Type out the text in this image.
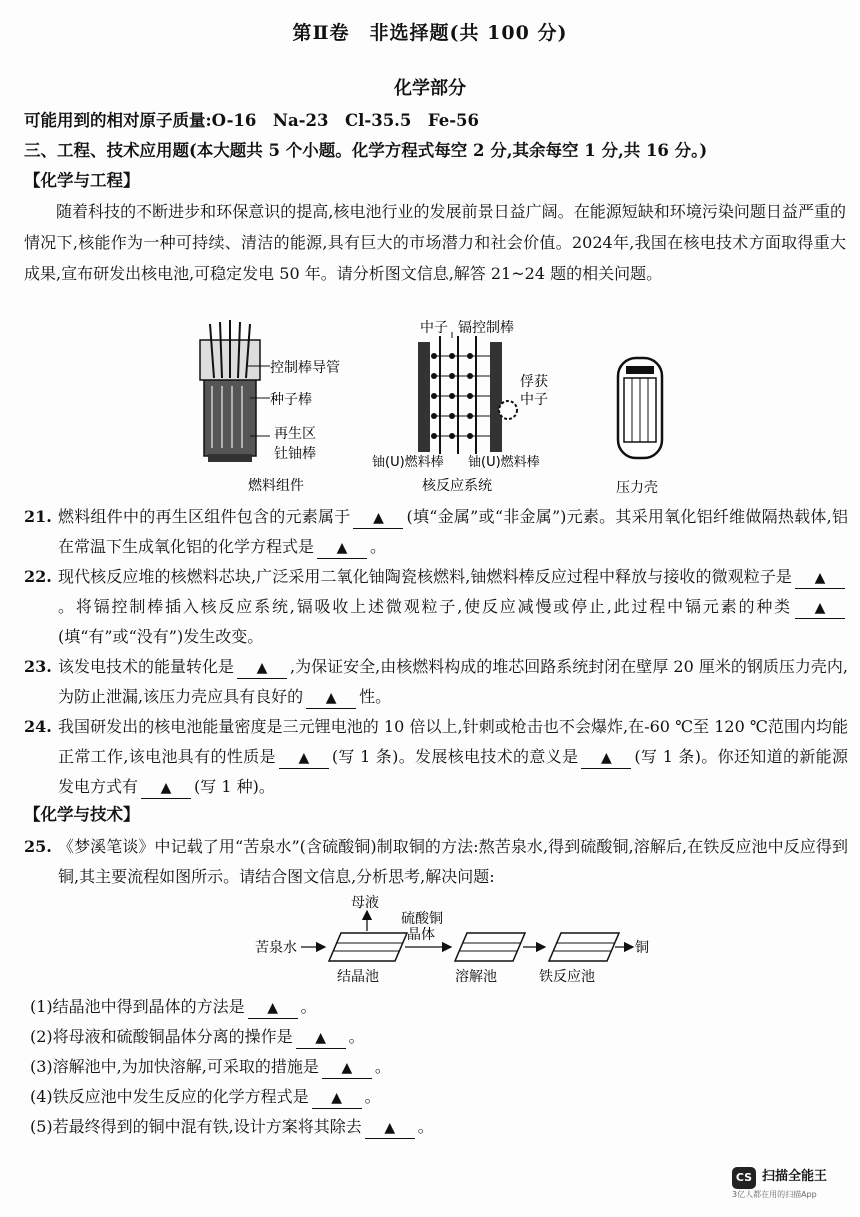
第Ⅱ卷　非选择题(共 100 分)
化学部分
可能用到的相对原子质量:O-16　Na-23　Cl-35.5　Fe-56
三、工程、技术应用题(本大题共 5 个小题。化学方程式每空 2 分,其余每空 1 分,共 16 分。)
【化学与工程】
随着科技的不断进步和环保意识的提高,核电池行业的发展前景日益广阔。在能源短缺和环境污染问题日益严重的情况下,核能作为一种可持续、清洁的能源,具有巨大的市场潜力和社会价值。2024年,我国在核电技术方面取得重大成果,宣布研发出核电池,可稳定发电 50 年。请分析图文信息,解答 21~24 题的相关问题。
控制棒导管
种子棒
再生区
钍铀棒
燃料组件
中子 镉控制棒
俘获
中子
铀(U)燃料棒 铀(U)燃料棒
核反应系统	压力壳
21. 燃料组件中的再生区组件包含的元素属于 ▲ (填“金属”或“非金属”)元素。其采用氧化铝纤维做隔热载体,铝在常温下生成氧化铝的化学方程式是 ▲ 。
22. 现代核反应堆的核燃料芯块,广泛采用二氧化铀陶瓷核燃料,铀燃料棒反应过程中释放与接收的微观粒子是 ▲。将镉控制棒插入核反应系统,镉吸收上述微观粒子,使反应减慢或停止,此过程中镉元素的种类 ▲(填“有”或“没有”)发生改变。
23. 该发电技术的能量转化是 ▲ ,为保证安全,由核燃料构成的堆芯回路系统封闭在壁厚 20 厘米的钢质压力壳内,为防止泄漏,该压力壳应具有良好的 ▲ 性。
24. 我国研发出的核电池能量密度是三元锂电池的 10 倍以上,针刺或枪击也不会爆炸,在-60 ℃至 120 ℃范围内均能正常工作,该电池具有的性质是 ▲ (写 1 条)。发展核电技术的意义是 ▲ (写 1 条)。你还知道的新能源发电方式有 ▲ (写 1 种)。
【化学与技术】
25. 《梦溪笔谈》中记载了用“苦泉水”(含硫酸铜)制取铜的方法:熬苦泉水,得到硫酸铜,溶解后,在铁反应池中反应得到铜,其主要流程如图所示。请结合图文信息,分析思考,解决问题:
苦泉水
母液
硫酸铜
晶体
结晶池	溶解池
铜
铁反应池
(1)结晶池中得到晶体的方法是 ▲ 。
(2)将母液和硫酸铜晶体分离的操作是 ▲ 。
(3)溶解池中,为加快溶解,可采取的措施是 ▲ 。
(4)铁反应池中发生反应的化学方程式是 ▲ 。
(5)若最终得到的铜中混有铁,设计方案将其除去 ▲ 。
CS 扫描全能王
3亿人都在用的扫描App
